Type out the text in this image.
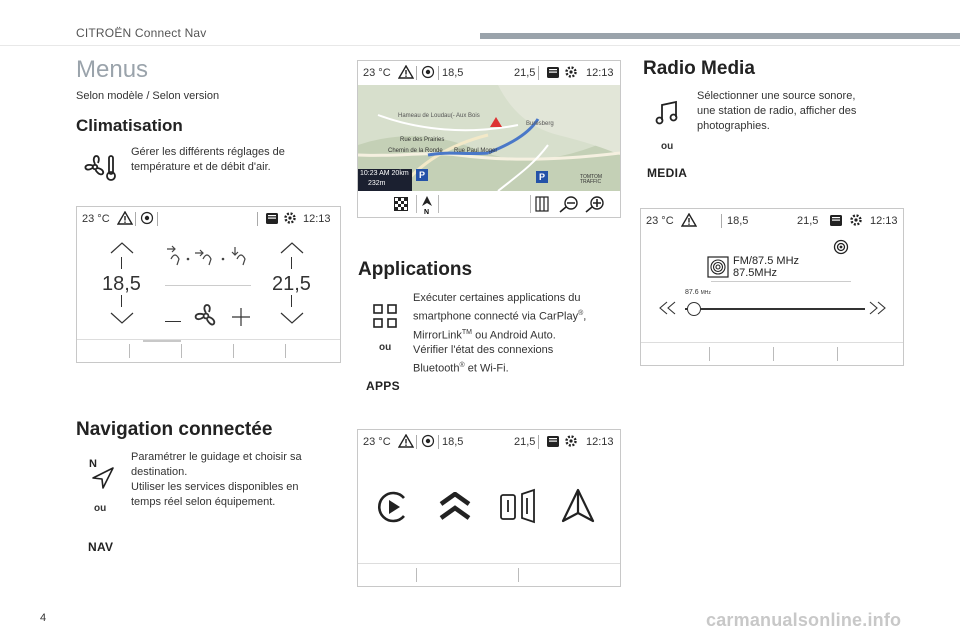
CITROËN Connect Nav
Menus
Selon modèle / Selon version
Climatisation
Gérer les différents réglages de
température et de débit d'air.
23 °C	12:13
18,5	21,5
Navigation connectée
N
ou
NAV
Paramétrer le guidage et choisir sa
destination.
Utiliser les services disponibles en
temps réel selon équipement.
23 °C	18,5	21,5	12:13
Hameau de Loudau(- Aux Bois
Buresberg
Rue des Prairies
Chemin de la Ronde Rue Paul Moger
P	P
10:23 AM 20km
232m
TOMTOM TRAFFIC
N
Applications
ou
APPS
Exécuter certaines applications du
smartphone connecté via CarPlay®,
MirrorLink™ ou Android Auto.
Vérifier l'état des connexions
Bluetooth® et Wi-Fi.
23 °C	18,5	21,5	12:13
Radio Media
ou
MEDIA
Sélectionner une source sonore,
une station de radio, afficher des
photographies.
23 °C	18,5	21,5	12:13
FM/87.5 MHz
87.5MHz
87.6 MHz
4	carmanualsonline.info
